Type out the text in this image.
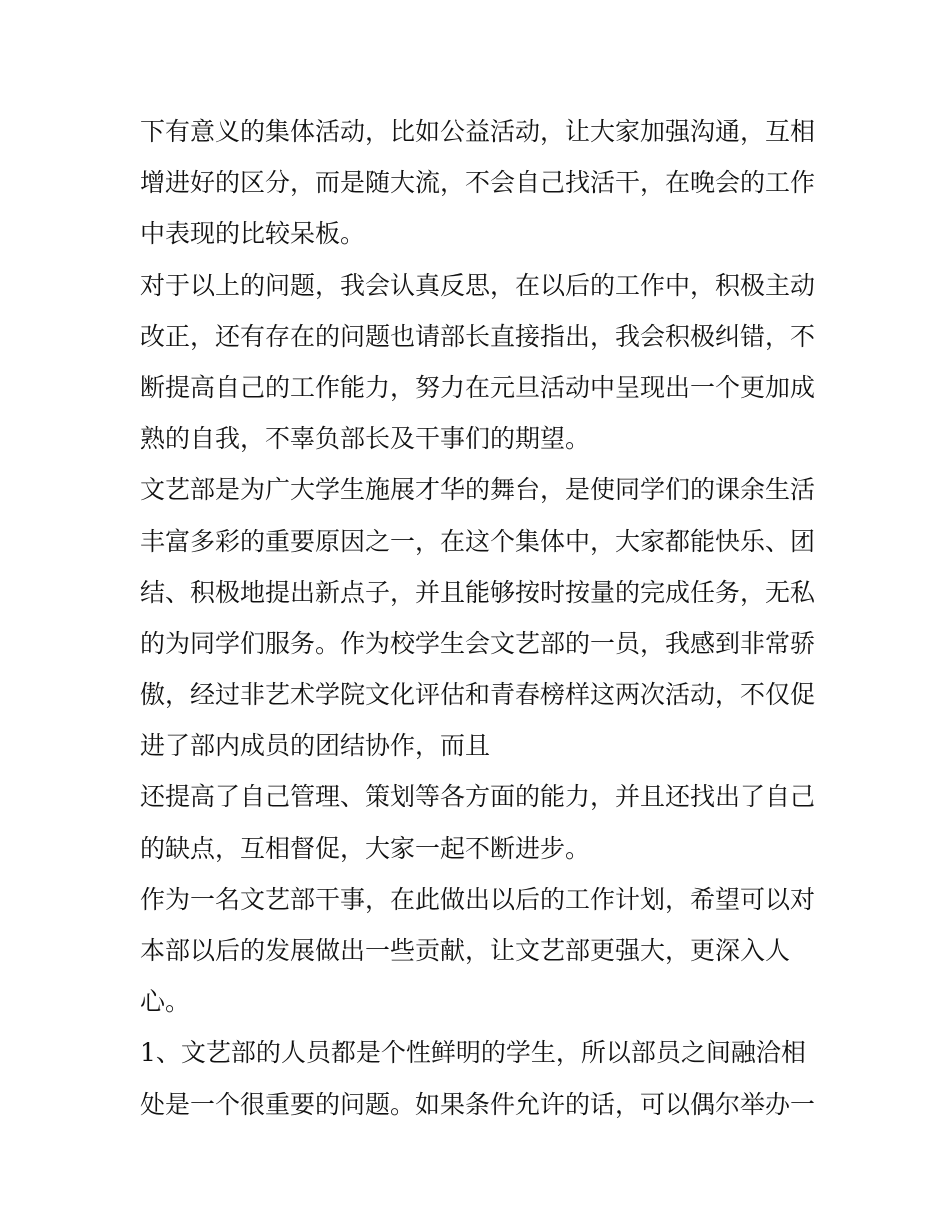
下有意义的集体活动，比如公益活动，让大家加强沟通，互相
增进好的区分，而是随大流，不会自己找活干，在晚会的工作
中表现的比较呆板。
对于以上的问题，我会认真反思，在以后的工作中，积极主动
改正，还有存在的问题也请部长直接指出，我会积极纠错，不
断提高自己的工作能力，努力在元旦活动中呈现出一个更加成
熟的自我，不辜负部长及干事们的期望。
文艺部是为广大学生施展才华的舞台，是使同学们的课余生活
丰富多彩的重要原因之一，在这个集体中，大家都能快乐、团
结、积极地提出新点子，并且能够按时按量的完成任务，无私
的为同学们服务。作为校学生会文艺部的一员，我感到非常骄
傲，经过非艺术学院文化评估和青春榜样这两次活动，不仅促
进了部内成员的团结协作，而且
还提高了自己管理、策划等各方面的能力，并且还找出了自己
的缺点，互相督促，大家一起不断进步。
作为一名文艺部干事，在此做出以后的工作计划，希望可以对
本部以后的发展做出一些贡献，让文艺部更强大，更深入人
心。
1、文艺部的人员都是个性鲜明的学生，所以部员之间融洽相
处是一个很重要的问题。如果条件允许的话，可以偶尔举办一
